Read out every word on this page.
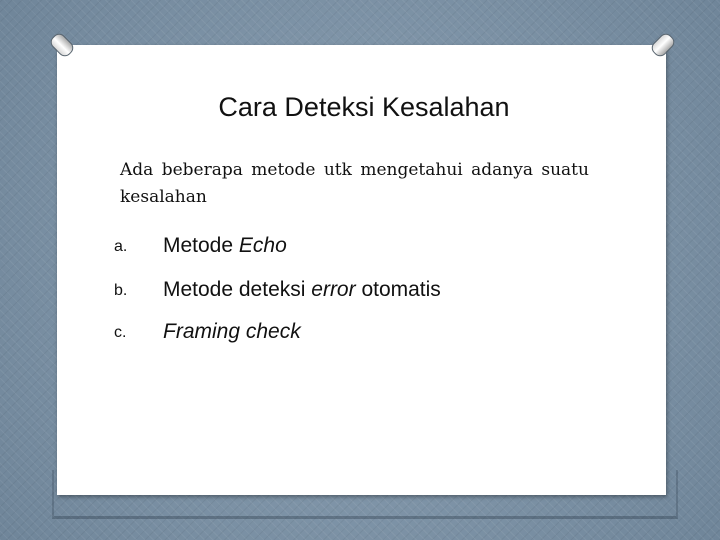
Cara Deteksi Kesalahan
Ada beberapa metode utk mengetahui adanya suatu kesalahan
a. Metode Echo
b. Metode deteksi error otomatis
c. Framing check
